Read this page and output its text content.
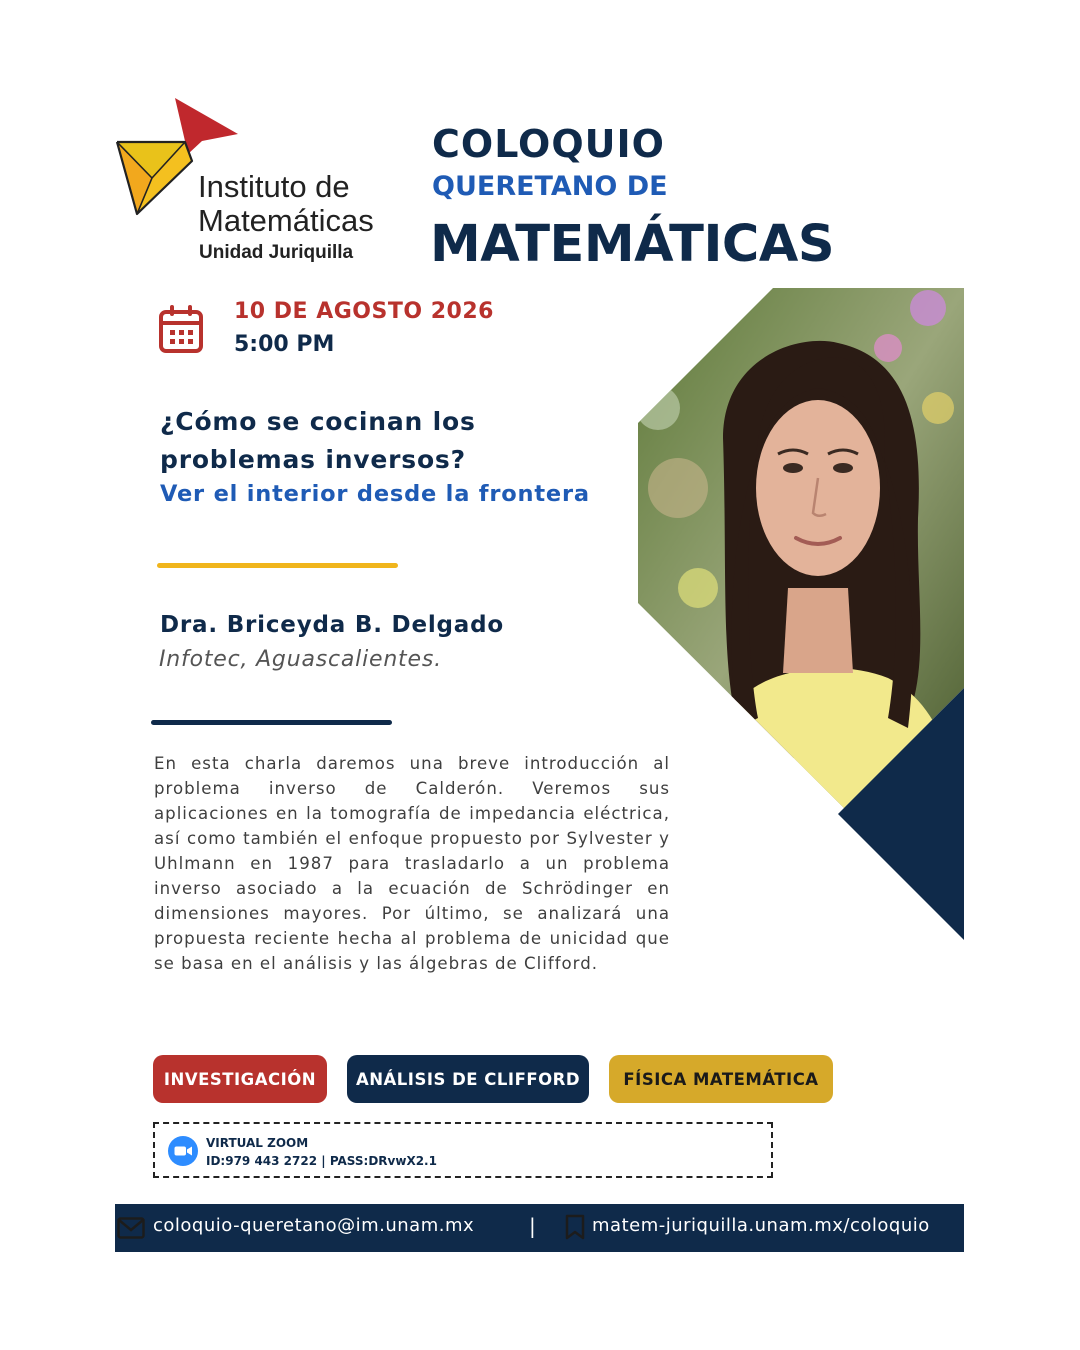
Instituto de
Matemáticas
Unidad Juriquilla
COLOQUIO
QUERETANO DE
MATEMÁTICAS
10 DE AGOSTO 2026
5:00 PM
¿Cómo se cocinan los
problemas inversos?
Ver el interior desde la frontera
Dra. Briceyda B. Delgado
Infotec, Aguascalientes.
En esta charla daremos una breve introducción al problema inverso de Calderón. Veremos sus aplicaciones en la tomografía de impedancia eléctrica, así como también el enfoque propuesto por Sylvester y Uhlmann en 1987 para trasladarlo a un problema inverso asociado a la ecuación de Schrödinger en dimensiones mayores. Por último, se analizará una propuesta reciente hecha al problema de unicidad que se basa en el análisis y las álgebras de Clifford.
INVESTIGACIÓN	ANÁLISIS DE CLIFFORD	FÍSICA MATEMÁTICA
VIRTUAL ZOOM
ID:979 443 2722 | PASS:DRvwX2.1
coloquio-queretano@im.unam.mx	|	matem-juriquilla.unam.mx/coloquio
